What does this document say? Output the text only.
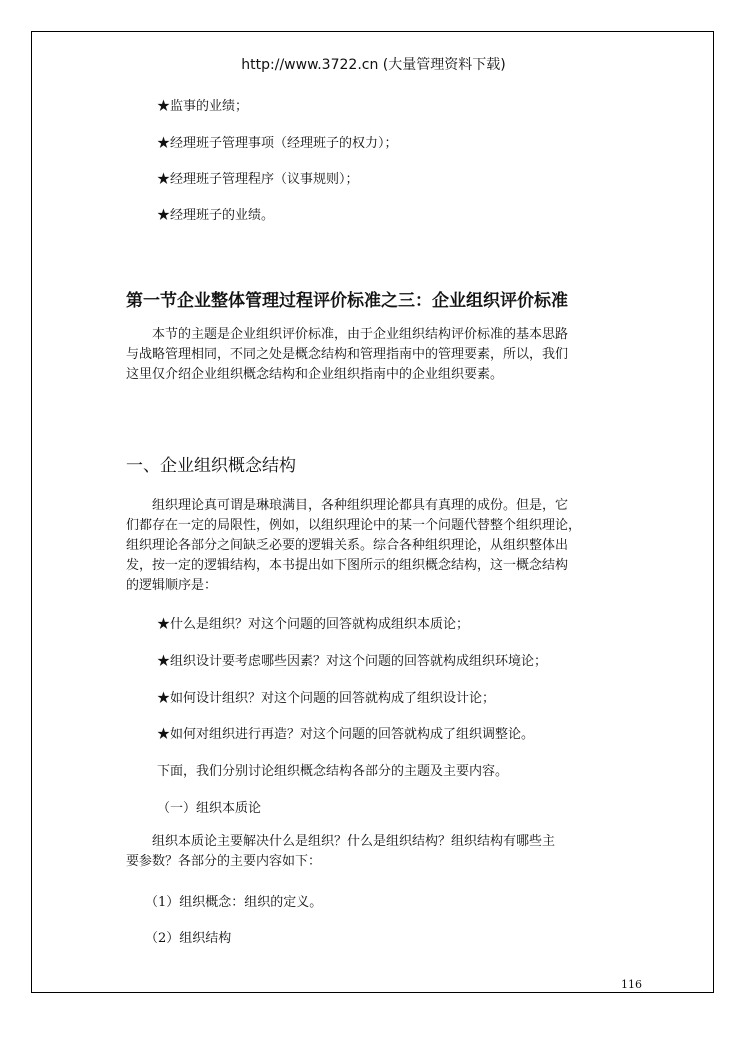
http://www.3722.cn (大量管理资料下载)
★监事的业绩；
★经理班子管理事项（经理班子的权力）；
★经理班子管理程序（议事规则）；
★经理班子的业绩。
第一节企业整体管理过程评价标准之三：企业组织评价标准

本节的主题是企业组织评价标准，由于企业组织结构评价标准的基本思路

与战略管理相同，不同之处是概念结构和管理指南中的管理要素，所以，我们

这里仅介绍企业组织概念结构和企业组织指南中的企业组织要素。

一、企业组织概念结构

组织理论真可谓是琳琅满目，各种组织理论都具有真理的成份。但是，它

们都存在一定的局限性，例如，以组织理论中的某一个问题代替整个组织理论，

组织理论各部分之间缺乏必要的逻辑关系。综合各种组织理论，从组织整体出

发，按一定的逻辑结构，本书提出如下图所示的组织概念结构，这一概念结构

的逻辑顺序是：

★什么是组织？对这个问题的回答就构成组织本质论；
★组织设计要考虑哪些因素？对这个问题的回答就构成组织环境论；
★如何设计组织？对这个问题的回答就构成了组织设计论；
★如何对组织进行再造？对这个问题的回答就构成了组织调整论。
下面，我们分别讨论组织概念结构各部分的主题及主要内容。
（一）组织本质论

组织本质论主要解决什么是组织？什么是组织结构？组织结构有哪些主

要参数？各部分的主要内容如下：

（1）组织概念：组织的定义。
（2）组织结构
116
